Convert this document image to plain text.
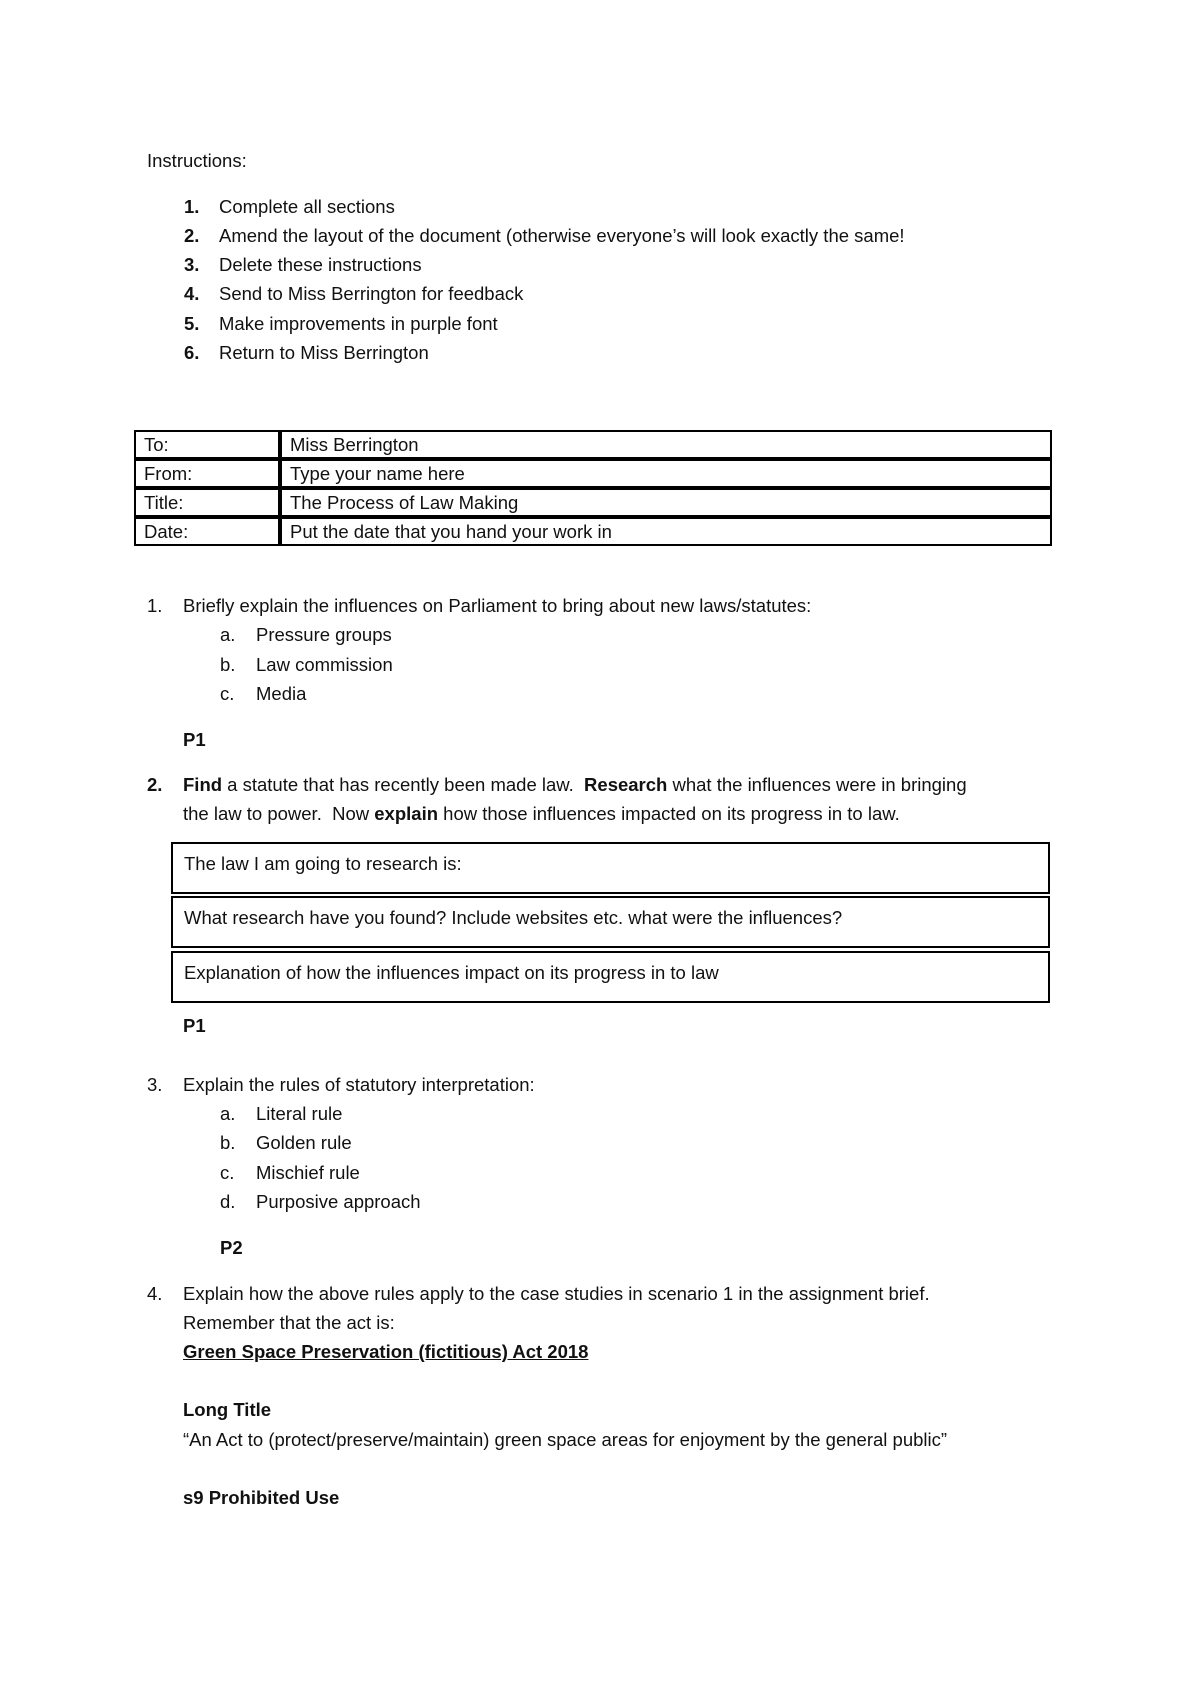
Instructions:
1. Complete all sections
2. Amend the layout of the document (otherwise everyone’s will look exactly the same!
3. Delete these instructions
4. Send to Miss Berrington for feedback
5. Make improvements in purple font
6. Return to Miss Berrington
To:	Miss Berrington
From:	Type your name here
Title:	The Process of Law Making
Date:	Put the date that you hand your work in
1. Briefly explain the influences on Parliament to bring about new laws/statutes:
a. Pressure groups
b. Law commission
c. Media
P1
2. Find a statute that has recently been made law.  Research what the influences were in bringing
the law to power.  Now explain how those influences impacted on its progress in to law.
The law I am going to research is:
What research have you found? Include websites etc. what were the influences?
Explanation of how the influences impact on its progress in to law
P1
3. Explain the rules of statutory interpretation:
a. Literal rule
b. Golden rule
c. Mischief rule
d. Purposive approach
P2
4. Explain how the above rules apply to the case studies in scenario 1 in the assignment brief.
Remember that the act is:
Green Space Preservation (fictitious) Act 2018
Long Title
“An Act to (protect/preserve/maintain) green space areas for enjoyment by the general public”
s9 Prohibited Use
